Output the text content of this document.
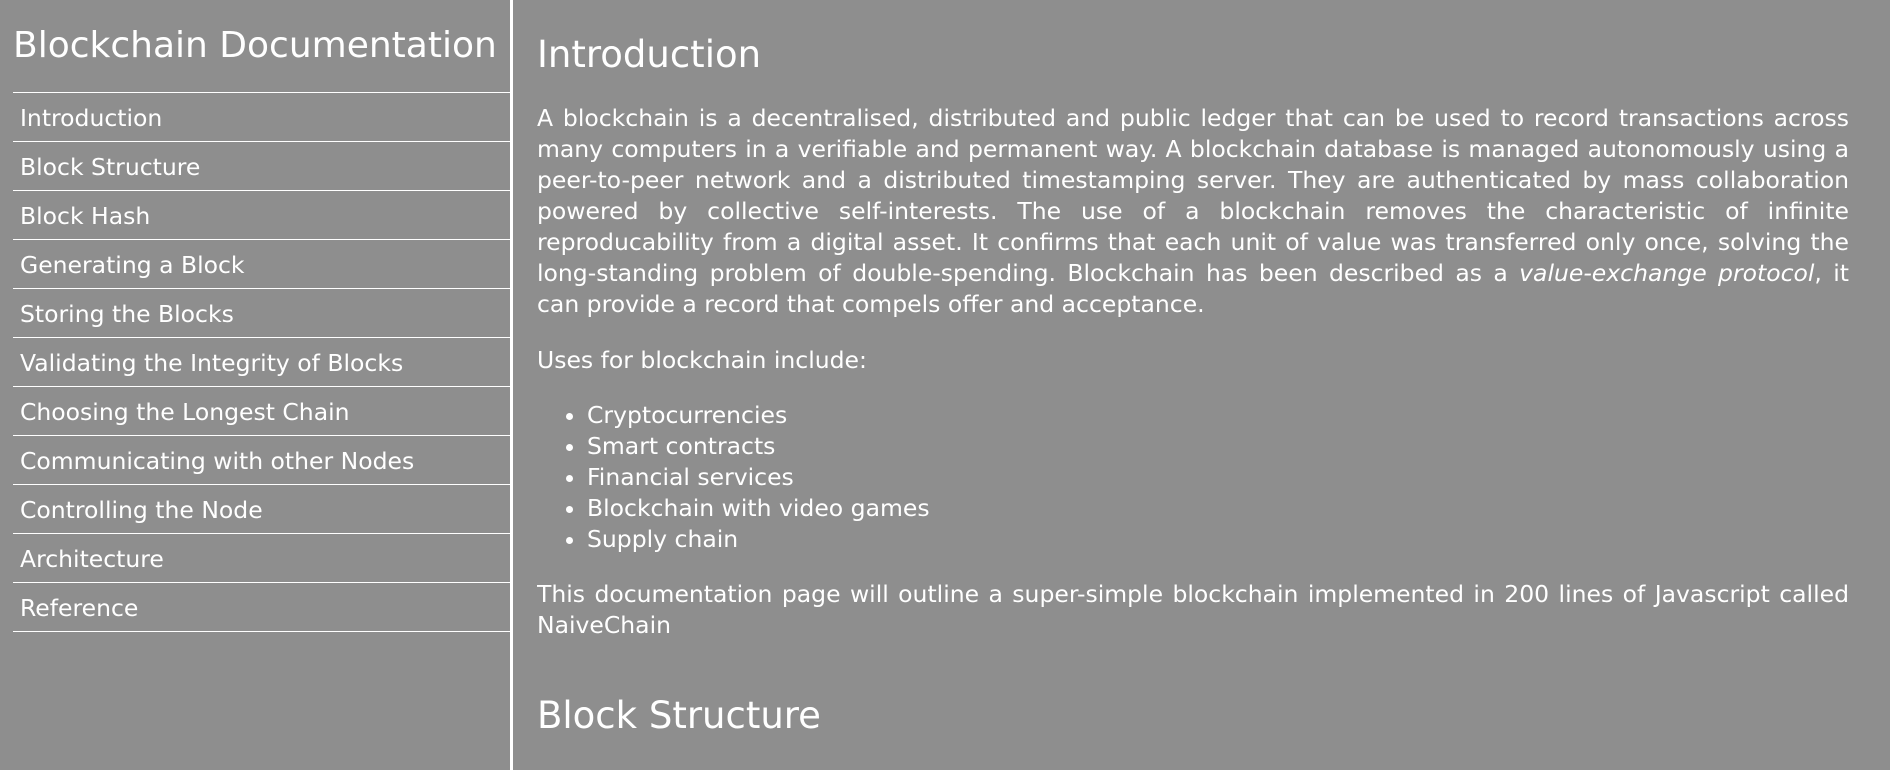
Blockchain Documentation
Introduction
Block Structure
Block Hash
Generating a Block
Storing the Blocks
Validating the Integrity of Blocks
Choosing the Longest Chain
Communicating with other Nodes
Controlling the Node
Architecture
Reference
Introduction

A blockchain is a decentralised, distributed and public ledger that can be used to record transactions across many computers in a verifiable and permanent way. A blockchain database is managed autonomously using a peer-to-peer network and a distributed timestamping server. They are authenticated by mass collaboration powered by collective self-interests. The use of a blockchain removes the characteristic of infinite reproducability from a digital asset. It confirms that each unit of value was transferred only once, solving the long-standing problem of double-spending. Blockchain has been described as a value-exchange protocol, it can provide a record that compels offer and acceptance.

Uses for blockchain include:

• Cryptocurrencies
• Smart contracts
• Financial services
• Blockchain with video games
• Supply chain

This documentation page will outline a super-simple blockchain implemented in 200 lines of Javascript called NaiveChain

Block Structure
